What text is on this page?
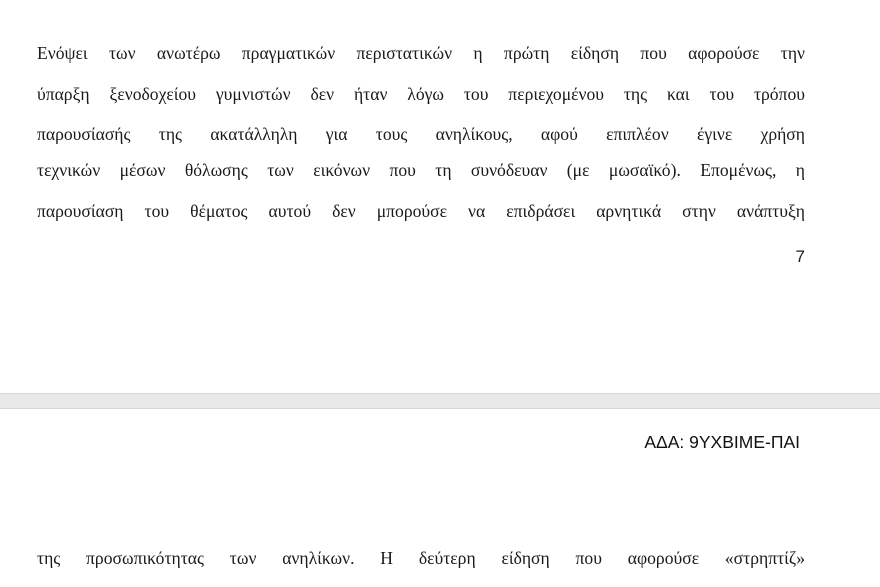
Ενόψει των ανωτέρω πραγματικών περιστατικών η πρώτη είδηση που αφορούσε την
ύπαρξη ξενοδοχείου γυμνιστών δεν ήταν λόγω του περιεχομένου της και του τρόπου
παρουσίασής της ακατάλληλη για τους ανηλίκους, αφού επιπλέον έγινε χρήση
τεχνικών μέσων θόλωσης των εικόνων που τη συνόδευαν (με μωσαϊκό). Επομένως, η
παρουσίαση του θέματος αυτού δεν μπορούσε να επιδράσει αρνητικά στην ανάπτυξη
7
ΑΔΑ: 9ΥΧΒΙΜΕ-ΠΑΙ
της προσωπικότητας των ανηλίκων. Η δεύτερη είδηση που αφορούσε «στρηπτίζ»
